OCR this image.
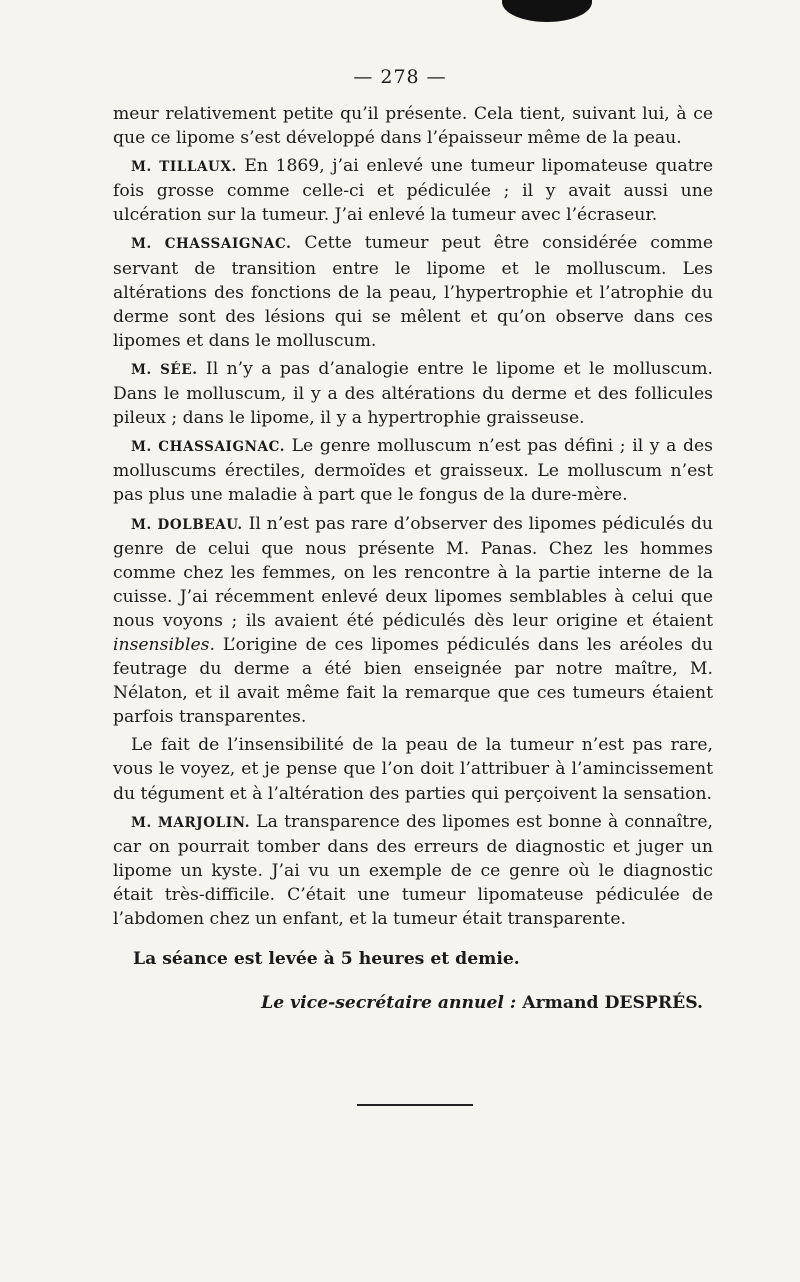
— 278 —

meur relativement petite qu’il présente. Cela tient, suivant lui, à ce que ce lipome s’est développé dans l’épaisseur même de la peau.

M. TILLAUX. En 1869, j’ai enlevé une tumeur lipomateuse quatre fois grosse comme celle-ci et pédiculée ; il y avait aussi une ulcération sur la tumeur. J’ai enlevé la tumeur avec l’écraseur.

M. CHASSAIGNAC. Cette tumeur peut être considérée comme servant de transition entre le lipome et le molluscum. Les altérations des fonctions de la peau, l’hypertrophie et l’atrophie du derme sont des lésions qui se mêlent et qu’on observe dans ces lipomes et dans le molluscum.

M. SÉE. Il n’y a pas d’analogie entre le lipome et le molluscum. Dans le molluscum, il y a des altérations du derme et des follicules pileux ; dans le lipome, il y a hypertrophie graisseuse.

M. CHASSAIGNAC. Le genre molluscum n’est pas défini ; il y a des molluscums érectiles, dermoïdes et graisseux. Le molluscum n’est pas plus une maladie à part que le fongus de la dure-mère.

M. DOLBEAU. Il n’est pas rare d’observer des lipomes pédiculés du genre de celui que nous présente M. Panas. Chez les hommes comme chez les femmes, on les rencontre à la partie interne de la cuisse. J’ai récemment enlevé deux lipomes semblables à celui que nous voyons ; ils avaient été pédiculés dès leur origine et étaient insensibles. L’origine de ces lipomes pédiculés dans les aréoles du feutrage du derme a été bien enseignée par notre maître, M. Nélaton, et il avait même fait la remarque que ces tumeurs étaient parfois transparentes.

Le fait de l’insensibilité de la peau de la tumeur n’est pas rare, vous le voyez, et je pense que l’on doit l’attribuer à l’amincissement du tégument et à l’altération des parties qui perçoivent la sensation.

M. MARJOLIN. La transparence des lipomes est bonne à connaître, car on pourrait tomber dans des erreurs de diagnostic et juger un lipome un kyste. J’ai vu un exemple de ce genre où le diagnostic était très-difficile. C’était une tumeur lipomateuse pédiculée de l’abdomen chez un enfant, et la tumeur était transparente.

La séance est levée à 5 heures et demie.

Le vice-secrétaire annuel : Armand DESPRÉS.
